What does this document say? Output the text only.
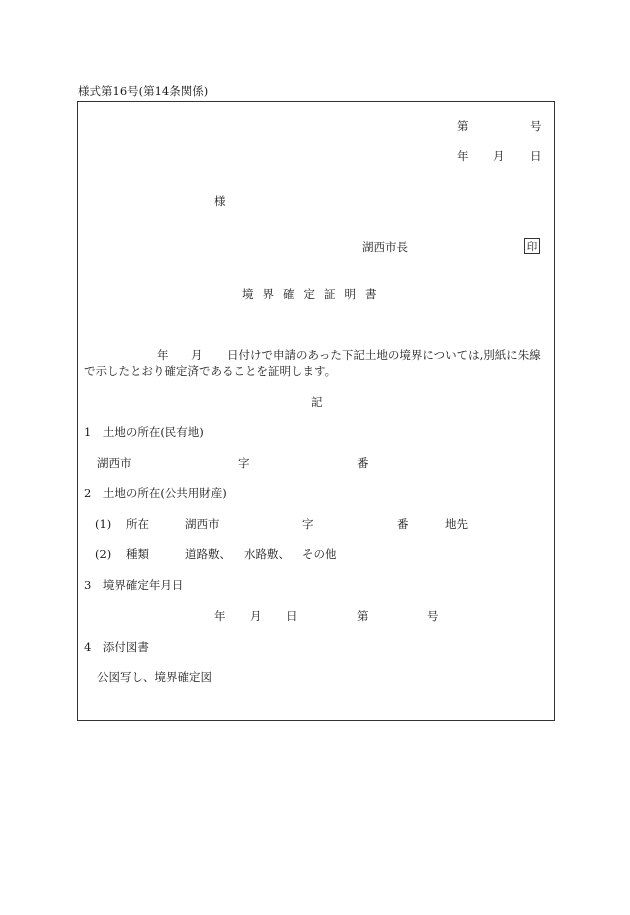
様式第16号(第14条関係)
第	号
年 月 日
様
湖西市長	印
境界確定証明書
年 月 日付けで申請のあった下記土地の境界については,別紙に朱線
で示したとおり確定済であることを証明します。
記
1　土地の所在(民有地)
湖西市	字	番
2　土地の所在(公共用財産)
(1) 所在	湖西市	字	番	地先
(2) 種類	道路敷、 水路敷、 その他
3　境界確定年月日
年 月 日	第	号
4　添付図書
公図写し、境界確定図
